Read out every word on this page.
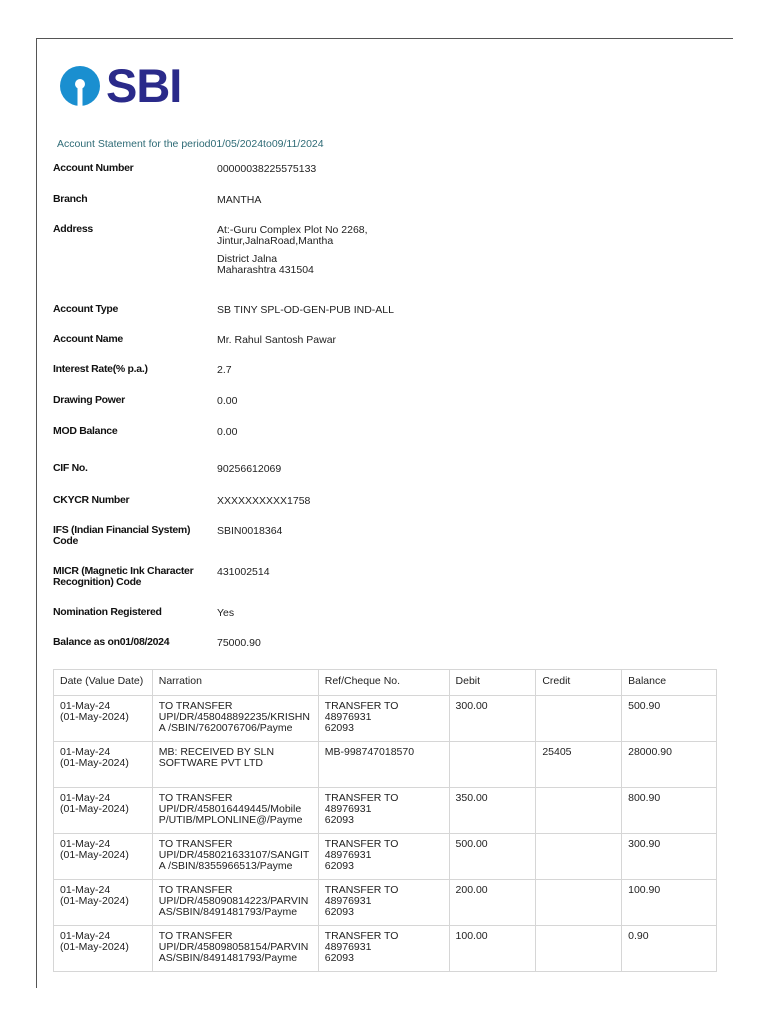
SBI
Account Statement for the period01/05/2024to09/11/2024
Account Number	00000038225575133
Branch	MANTHA
Address	At:-Guru Complex Plot No 2268,
Jintur,JalnaRoad,Mantha
District Jalna
Maharashtra 431504
Account Type	SB TINY SPL-OD-GEN-PUB IND-ALL
Account Name	Mr. Rahul Santosh Pawar
Interest Rate(% p.a.)	2.7
Drawing Power	0.00
MOD Balance	0.00
CIF No.	90256612069
CKYCR Number	XXXXXXXXXX1758
IFS (Indian Financial System) Code
SBIN0018364
MICR (Magnetic Ink Character Recognition) Code
431002514
Nomination Registered	Yes
Balance as on01/08/2024	75000.90
Date (Value Date)	Narration	Ref/Cheque No.	Debit	Credit	Balance

01-May-24
(01-May-2024)	TO TRANSFER
UPI/DR/458048892235/KRISHN
A /SBIN/7620076706/Payme	TRANSFER TO 48976931
62093	300.00		500.90

01-May-24
(01-May-2024)	MB: RECEIVED BY SLN
SOFTWARE PVT LTD	MB-998747018570		25405	28000.90

01-May-24
(01-May-2024)	TO TRANSFER
UPI/DR/458016449445/Mobile
P/UTIB/MPLONLINE@/Payme	TRANSFER TO 48976931
62093	350.00		800.90

01-May-24
(01-May-2024)	TO TRANSFER
UPI/DR/458021633107/SANGIT
A /SBIN/8355966513/Payme	TRANSFER TO 48976931
62093	500.00		300.90

01-May-24
(01-May-2024)	TO TRANSFER
UPI/DR/458090814223/PARVIN
AS/SBIN/8491481793/Payme	TRANSFER TO 48976931
62093	200.00		100.90

01-May-24
(01-May-2024)	TO TRANSFER
UPI/DR/458098058154/PARVIN
AS/SBIN/8491481793/Payme	TRANSFER TO 48976931
62093	100.00		0.90
